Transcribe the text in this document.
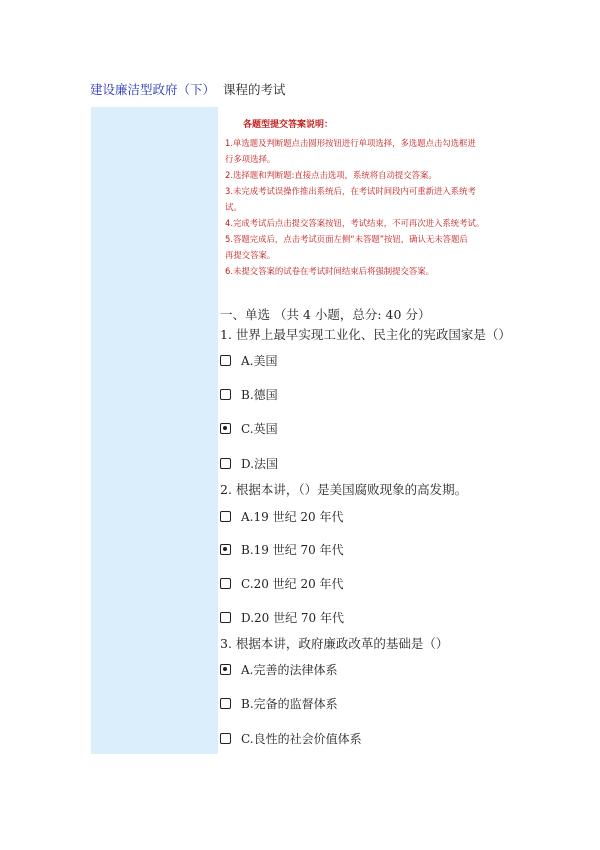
建设廉洁型政府（下） 课程的考试
各题型提交答案说明：
1.单选题及判断题点击圆形按钮进行单项选择，多选题点击勾选框进
行多项选择。
2.选择题和判断题:直接点击选项，系统将自动提交答案。
3.未完成考试误操作推出系统后，在考试时间段内可重新进入系统考
试。
4.完成考试后点击提交答案按钮，考试结束，不可再次进入系统考试。
5.答题完成后，点击考试页面左侧“未答题”按钮，确认无未答题后
再提交答案。
6.未提交答案的试卷在考试时间结束后将强制提交答案。
一、单选 （共 4 小题，总分: 40 分）
1. 世界上最早实现工业化、民主化的宪政国家是（）
A.美国
B.德国
C.英国
D.法国
2. 根据本讲，（）是美国腐败现象的高发期。
A.19 世纪 20 年代
B.19 世纪 70 年代
C.20 世纪 20 年代
D.20 世纪 70 年代
3. 根据本讲，政府廉政改革的基础是（）
A.完善的法律体系
B.完备的监督体系
C.良性的社会价值体系
